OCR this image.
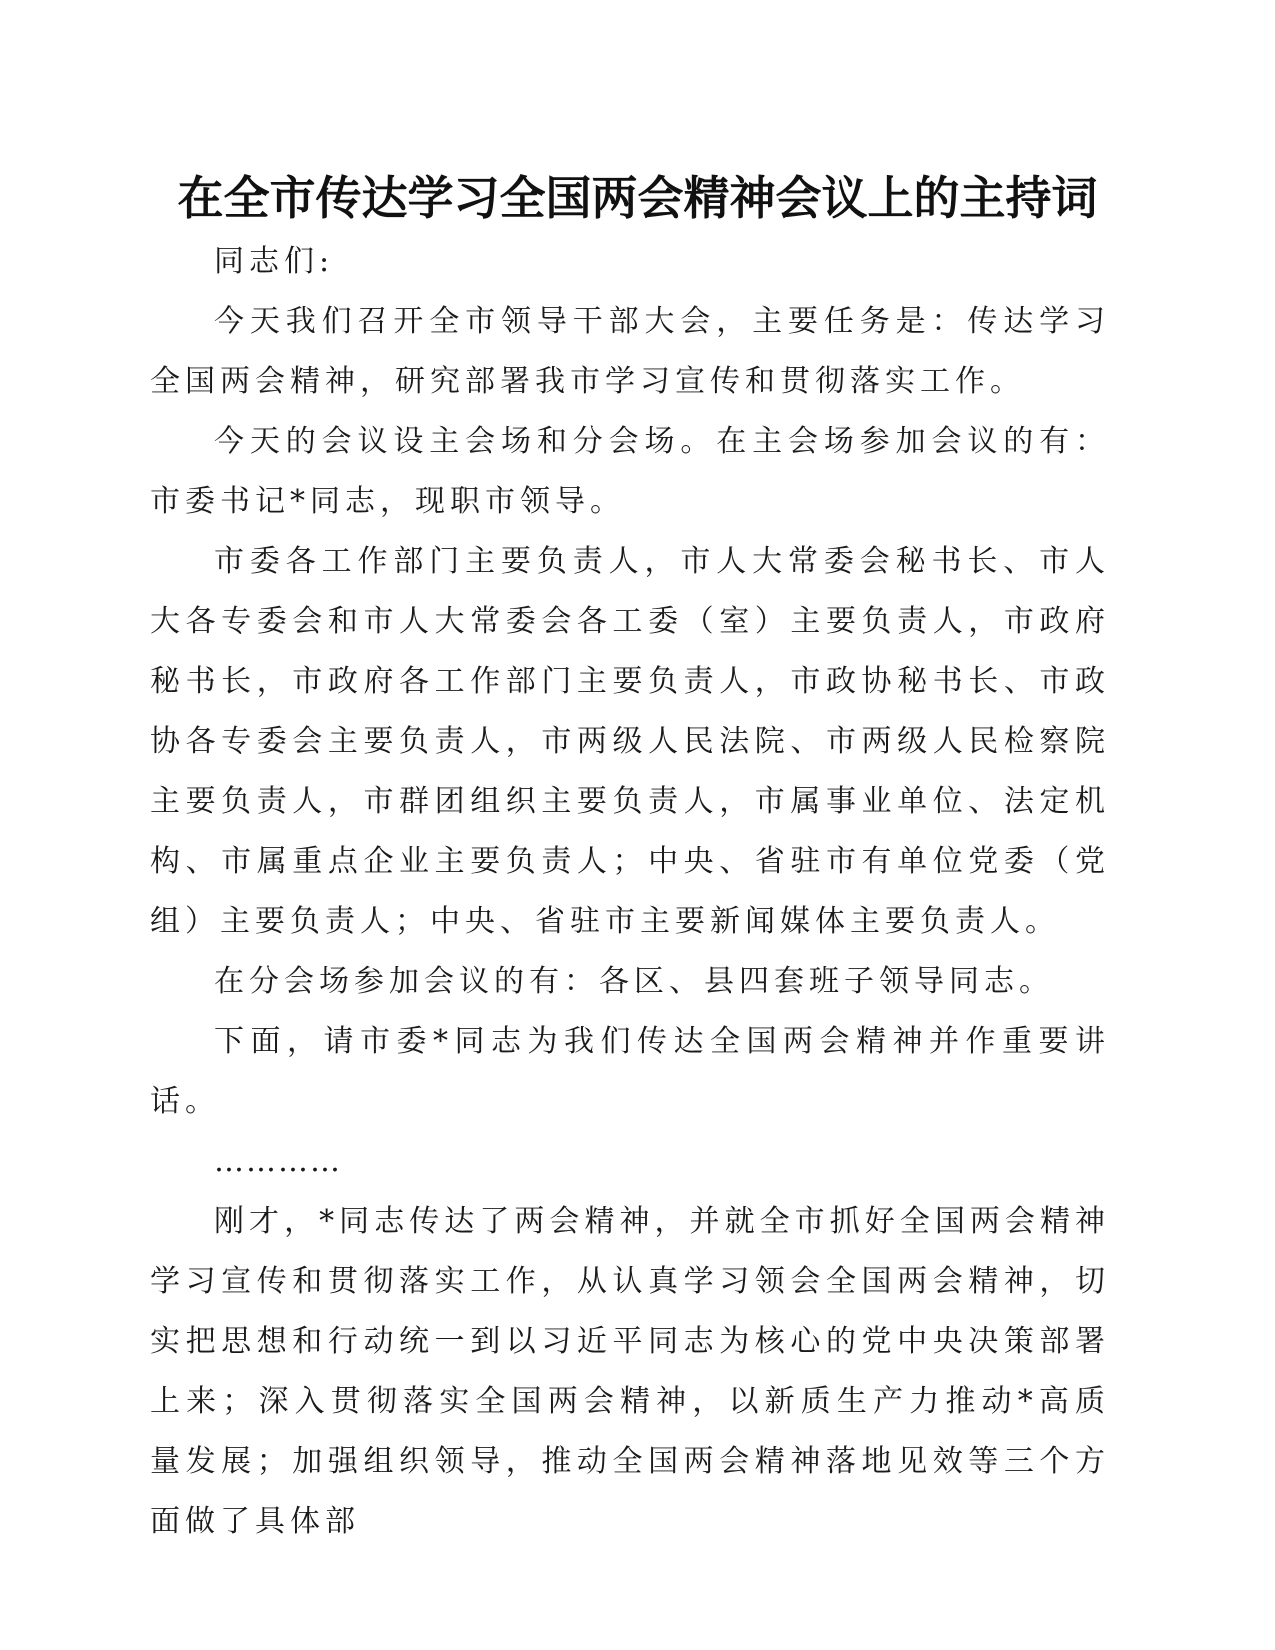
在全市传达学习全国两会精神会议上的主持词

同志们:

今天我们召开全市领导干部大会，主要任务是：传达学习全国两会精神，研究部署我市学习宣传和贯彻落实工作。

今天的会议设主会场和分会场。在主会场参加会议的有：市委书记*同志，现职市领导。

市委各工作部门主要负责人，市人大常委会秘书长、市人大各专委会和市人大常委会各工委（室）主要负责人，市政府秘书长，市政府各工作部门主要负责人，市政协秘书长、市政协各专委会主要负责人，市两级人民法院、市两级人民检察院主要负责人，市群团组织主要负责人，市属事业单位、法定机构、市属重点企业主要负责人；中央、省驻市有单位党委（党组）主要负责人；中央、省驻市主要新闻媒体主要负责人。

在分会场参加会议的有：各区、县四套班子领导同志。

下面，请市委*同志为我们传达全国两会精神并作重要讲话。

…………

刚才，*同志传达了两会精神，并就全市抓好全国两会精神学习宣传和贯彻落实工作，从认真学习领会全国两会精神，切实把思想和行动统一到以习近平同志为核心的党中央决策部署上来；深入贯彻落实全国两会精神，以新质生产力推动*高质量发展；加强组织领导，推动全国两会精神落地见效等三个方面做了具体部
